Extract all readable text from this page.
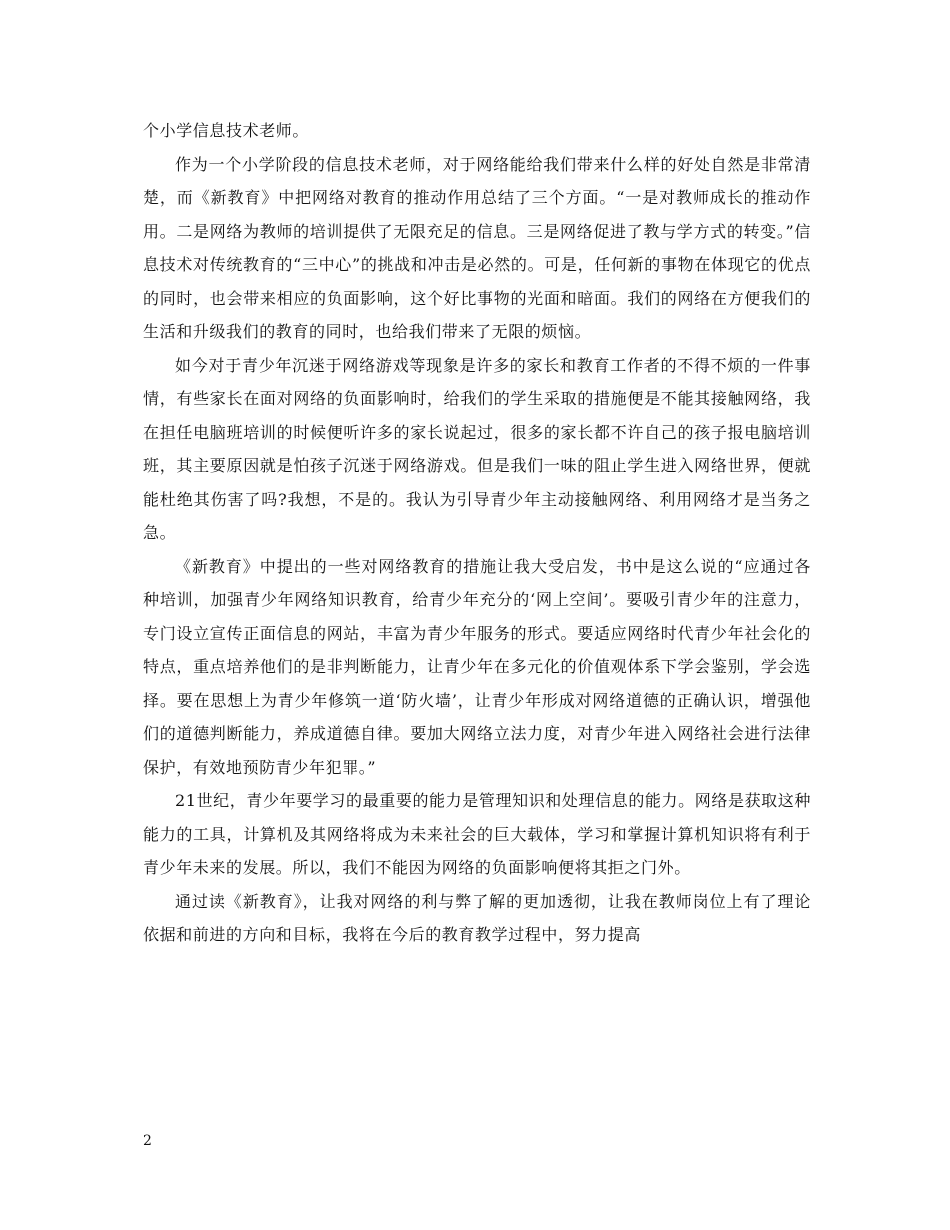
个小学信息技术老师。

作为一个小学阶段的信息技术老师，对于网络能给我们带来什么样的好处自然是非常清楚，而《新教育》中把网络对教育的推动作用总结了三个方面。“一是对教师成长的推动作用。二是网络为教师的培训提供了无限充足的信息。三是网络促进了教与学方式的转变。”信息技术对传统教育的“三中心”的挑战和冲击是必然的。可是，任何新的事物在体现它的优点的同时，也会带来相应的负面影响，这个好比事物的光面和暗面。我们的网络在方便我们的生活和升级我们的教育的同时，也给我们带来了无限的烦恼。

如今对于青少年沉迷于网络游戏等现象是许多的家长和教育工作者的不得不烦的一件事情，有些家长在面对网络的负面影响时，给我们的学生采取的措施便是不能其接触网络，我在担任电脑班培训的时候便听许多的家长说起过，很多的家长都不许自己的孩子报电脑培训班，其主要原因就是怕孩子沉迷于网络游戏。但是我们一味的阻止学生进入网络世界，便就能杜绝其伤害了吗?我想，不是的。我认为引导青少年主动接触网络、利用网络才是当务之急。

《新教育》中提出的一些对网络教育的措施让我大受启发，书中是这么说的“应通过各种培训，加强青少年网络知识教育，给青少年充分的‘网上空间’。要吸引青少年的注意力，专门设立宣传正面信息的网站，丰富为青少年服务的形式。要适应网络时代青少年社会化的特点，重点培养他们的是非判断能力，让青少年在多元化的价值观体系下学会鉴别，学会选择。要在思想上为青少年修筑一道‘防火墙’，让青少年形成对网络道德的正确认识，增强他们的道德判断能力，养成道德自律。要加大网络立法力度，对青少年进入网络社会进行法律保护，有效地预防青少年犯罪。”

21世纪，青少年要学习的最重要的能力是管理知识和处理信息的能力。网络是获取这种能力的工具，计算机及其网络将成为未来社会的巨大载体，学习和掌握计算机知识将有利于青少年未来的发展。所以，我们不能因为网络的负面影响便将其拒之门外。

通过读《新教育》，让我对网络的利与弊了解的更加透彻，让我在教师岗位上有了理论依据和前进的方向和目标，我将在今后的教育教学过程中，努力提高

2
